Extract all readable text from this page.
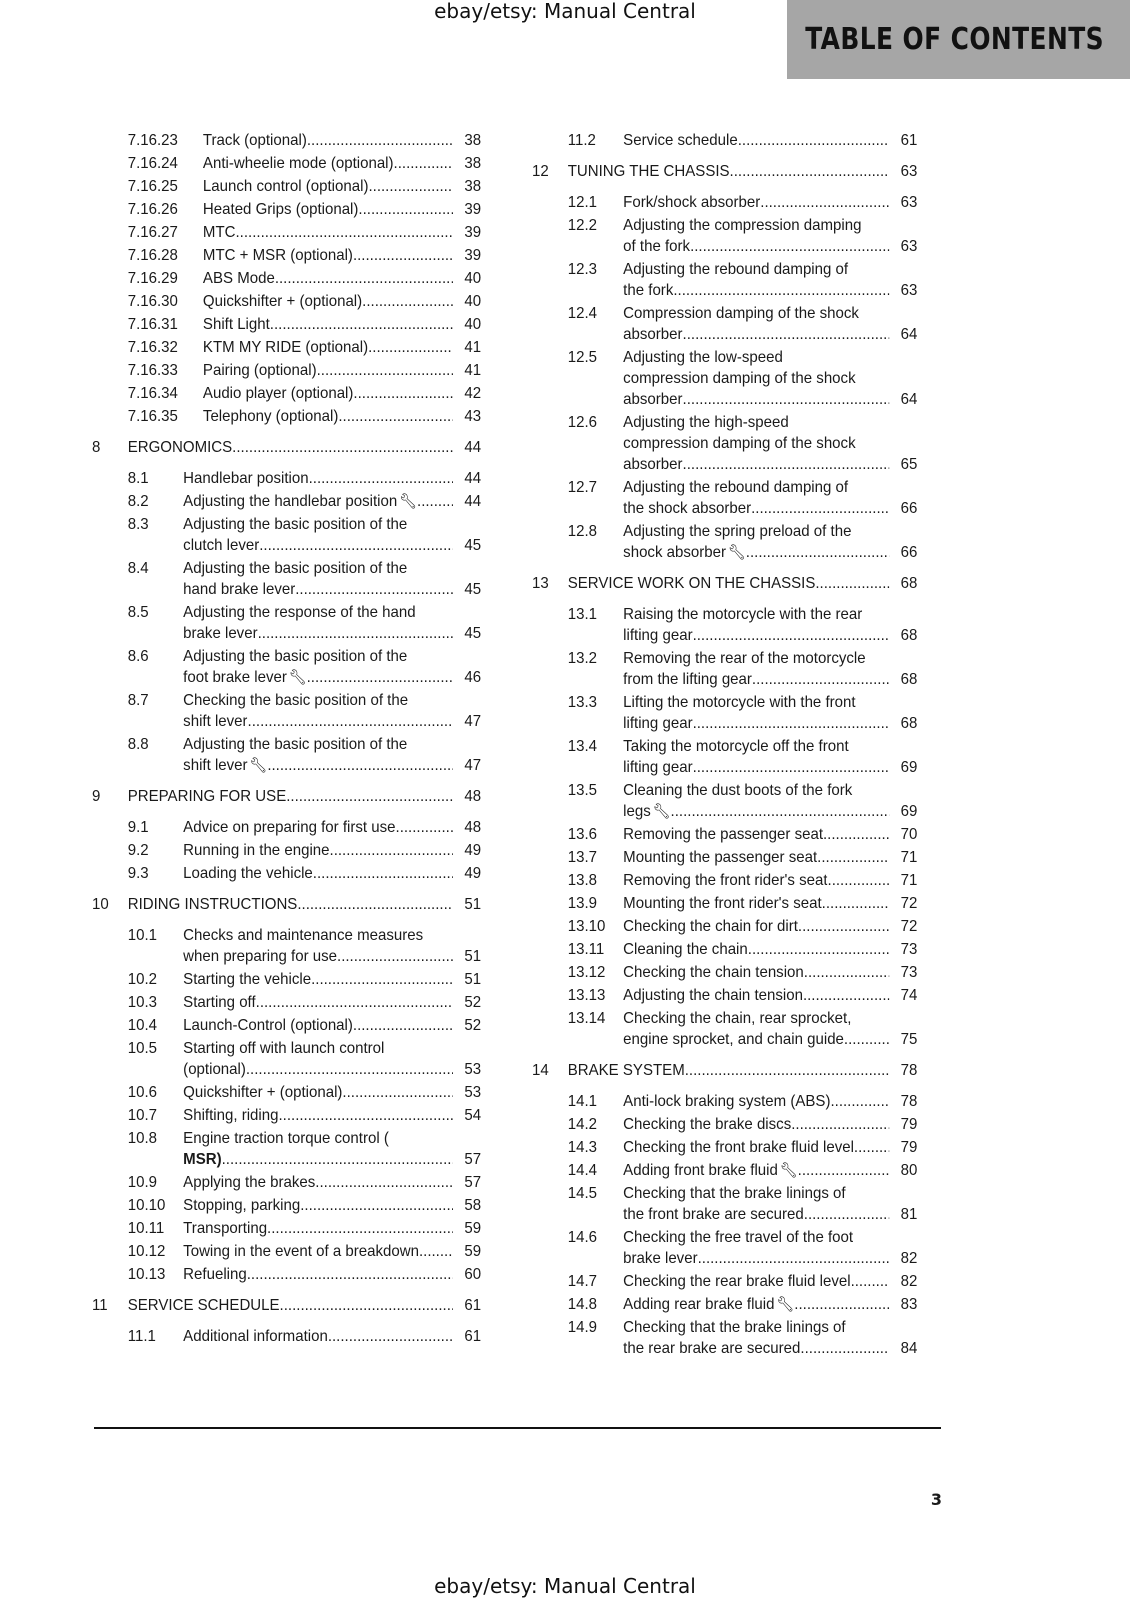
ebay/etsy: Manual Central
TABLE OF CONTENTS
7.16.23 Track (optional) .....	38
7.16.24 Anti-wheelie mode (optional) .....	38
7.16.25 Launch control (optional) .....	38
7.16.26 Heated Grips (optional) .....	39
7.16.27 MTC .....	39
7.16.28 MTC + MSR (optional) .....	39
7.16.29 ABS Mode .....	40
7.16.30 Quickshifter + (optional) .....	40
7.16.31 Shift Light .....	40
7.16.32 KTM MY RIDE (optional) .....	41
7.16.33 Pairing (optional) .....	41
7.16.34 Audio player (optional) .....	42
7.16.35 Telephony (optional) .....	43
8 ERGONOMICS .....	44
8.1 Handlebar position .....	44
8.2 Adjusting the handlebar position 🔧︎ .....	44
8.3 Adjusting the basic position of the
clutch lever .....	45
8.4 Adjusting the basic position of the
hand brake lever .....	45
8.5 Adjusting the response of the hand
brake lever .....	45
8.6 Adjusting the basic position of the
foot brake lever 🔧︎ .....	46
8.7 Checking the basic position of the
shift lever .....	47
8.8 Adjusting the basic position of the
shift lever 🔧︎ .....	47
9 PREPARING FOR USE .....	48
9.1 Advice on preparing for first use .....	48
9.2 Running in the engine .....	49
9.3 Loading the vehicle .....	49
10 RIDING INSTRUCTIONS .....	51
10.1 Checks and maintenance measures
when preparing for use .....	51
10.2 Starting the vehicle .....	51
10.3 Starting off .....	52
10.4 Launch-Control (optional) .....	52
10.5 Starting off with launch control
(optional) .....	53
10.6 Quickshifter + (optional) .....	53
10.7 Shifting, riding .....	54
10.8 Engine traction torque control (
MSR) .....	57
10.9 Applying the brakes .....	57
10.10 Stopping, parking .....	58
10.11 Transporting .....	59
10.12 Towing in the event of a breakdown .....	59
10.13 Refueling .....	60
11 SERVICE SCHEDULE .....	61
11.1 Additional information .....	61
11.2 Service schedule .....	61
12 TUNING THE CHASSIS .....	63
12.1 Fork/shock absorber .....	63
12.2 Adjusting the compression damping
of the fork .....	63
12.3 Adjusting the rebound damping of
the fork .....	63
12.4 Compression damping of the shock
absorber .....	64
12.5 Adjusting the low-speed
compression damping of the shock
absorber .....	64
12.6 Adjusting the high-speed
compression damping of the shock
absorber .....	65
12.7 Adjusting the rebound damping of
the shock absorber .....	66
12.8 Adjusting the spring preload of the
shock absorber 🔧︎ .....	66
13 SERVICE WORK ON THE CHASSIS .....	68
13.1 Raising the motorcycle with the rear
lifting gear .....	68
13.2 Removing the rear of the motorcycle
from the lifting gear .....	68
13.3 Lifting the motorcycle with the front
lifting gear .....	68
13.4 Taking the motorcycle off the front
lifting gear .....	69
13.5 Cleaning the dust boots of the fork
legs 🔧︎ .....	69
13.6 Removing the passenger seat .....	70
13.7 Mounting the passenger seat .....	71
13.8 Removing the front rider's seat .....	71
13.9 Mounting the front rider's seat .....	72
13.10 Checking the chain for dirt .....	72
13.11 Cleaning the chain .....	73
13.12 Checking the chain tension .....	73
13.13 Adjusting the chain tension .....	74
13.14 Checking the chain, rear sprocket,
engine sprocket, and chain guide .....	75
14 BRAKE SYSTEM .....	78
14.1 Anti-lock braking system (ABS) .....	78
14.2 Checking the brake discs .....	79
14.3 Checking the front brake fluid level .....	79
14.4 Adding front brake fluid 🔧︎ .....	80
14.5 Checking that the brake linings of
the front brake are secured .....	81
14.6 Checking the free travel of the foot
brake lever .....	82
14.7 Checking the rear brake fluid level .....	82
14.8 Adding rear brake fluid 🔧︎ .....	83
14.9 Checking that the brake linings of
the rear brake are secured .....	84
3
ebay/etsy: Manual Central
